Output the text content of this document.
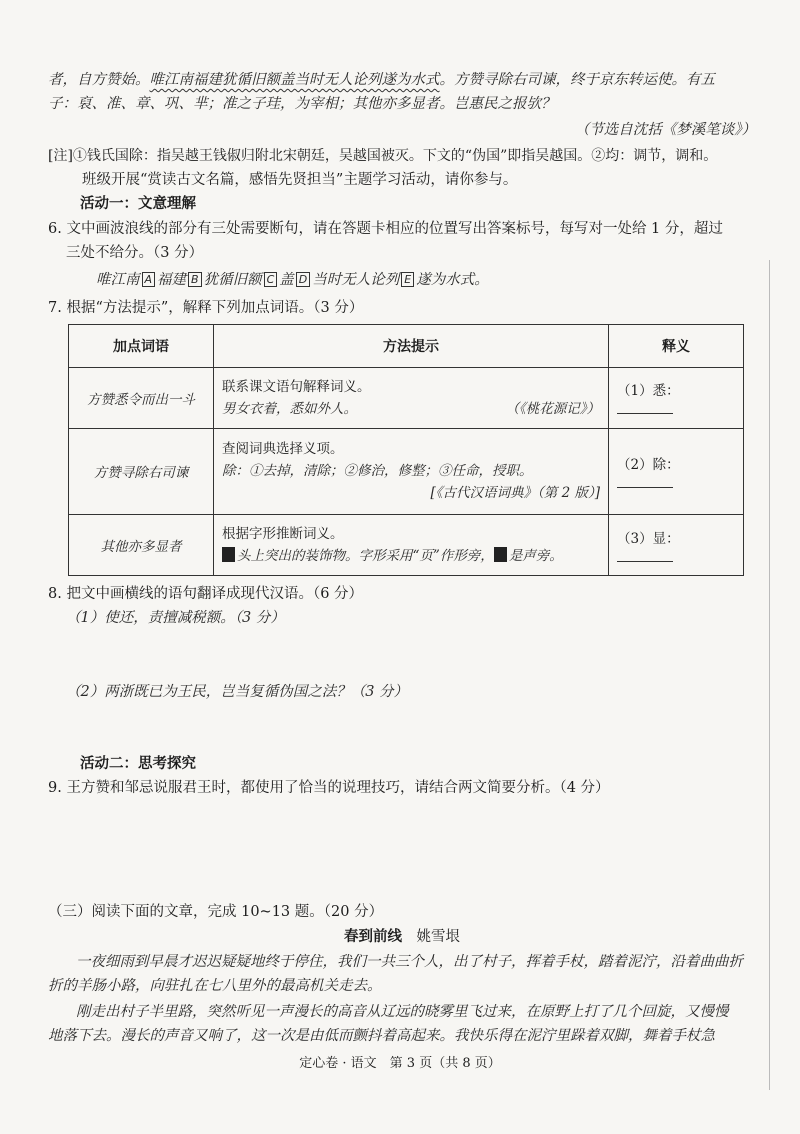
者，自方赞始。唯江南福建犹循旧额盖当时无人论列遂为水式。方赞寻除右司谏，终于京东转运使。有五
子：裒、准、章、巩、芈；准之子珪，为宰相；其他亦多显者。岂惠民之报欤？
（节选自沈括《梦溪笔谈》）
[注]①钱氏国除：指吴越王钱俶归附北宋朝廷，吴越国被灭。下文的“伪国”即指吴越国。②均：调节，调和。
班级开展“赏读古文名篇，感悟先贤担当”主题学习活动，请你参与。
活动一：文意理解
6. 文中画波浪线的部分有三处需要断句，请在答题卡相应的位置写出答案标号，每写对一处给 1 分，超过
三处不给分。（3 分）
唯江南 A 福建 B 犹循旧额 C 盖 D 当时无人论列 E 遂为水式。
7. 根据“方法提示”，解释下列加点词语。（3 分）
加点词语	方法提示	释义
方赞悉令而出一斗	联系课文语句解释词义。
男女衣着，悉如外人。 （《桃花源记》）	（1）悉：
方赞寻除右司谏	查阅词典选择义项。
除：①去掉，清除；②修治，修整；③任命，授职。
[《古代汉语词典》（第 2 版）]	（2）除：
其他亦多显者	根据字形推断词义。
头上突出的装饰物。字形采用“页”作形旁， 是声旁。	（3）显：
8. 把文中画横线的语句翻译成现代汉语。（6 分）
（1）使还，责擅减税额。（3 分）
（2）两浙既已为王民，岂当复循伪国之法？（3 分）
活动二：思考探究
9. 王方赞和邹忌说服君王时，都使用了恰当的说理技巧，请结合两文简要分析。（4 分）
（三）阅读下面的文章，完成 10~13 题。（20 分）
春到前线　 姚雪垠
一夜细雨到早晨才迟迟疑疑地终于停住，我们一共三个人，出了村子，挥着手杖，踏着泥泞，沿着曲曲折
折的羊肠小路，向驻扎在七八里外的最高机关走去。
刚走出村子半里路，突然听见一声漫长的高音从辽远的晓雾里飞过来，在原野上打了几个回旋，又慢慢
地落下去。漫长的声音又响了，这一次是由低而颤抖着高起来。我快乐得在泥泞里跺着双脚，舞着手杖急
定心卷 · 语文　第 3 页（共 8 页）
